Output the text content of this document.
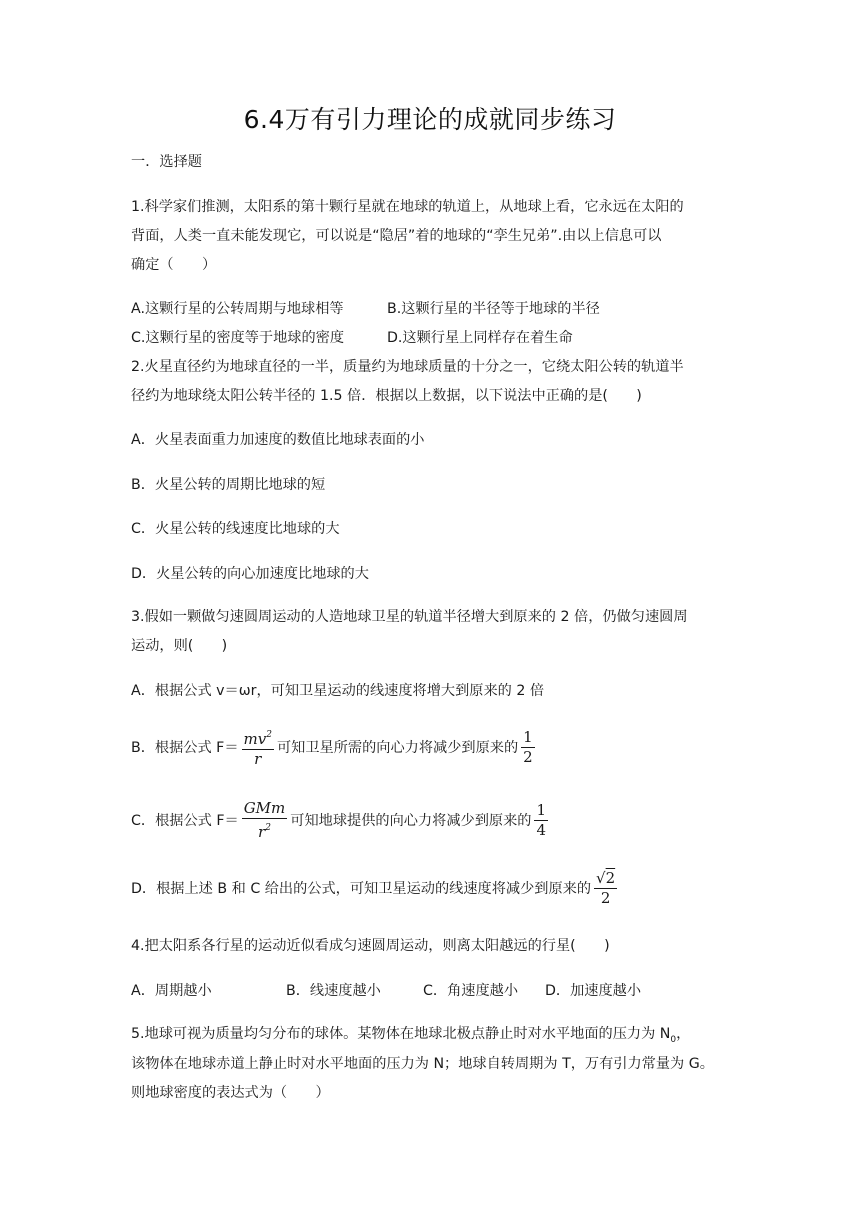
6.4万有引力理论的成就同步练习
一．选择题
1.科学家们推测，太阳系的第十颗行星就在地球的轨道上，从地球上看，它永远在太阳的
背面，人类一直未能发现它，可以说是“隐居”着的地球的“孪生兄弟”.由以上信息可以
确定（　　）
A.这颗行星的公转周期与地球相等	B.这颗行星的半径等于地球的半径
C.这颗行星的密度等于地球的密度	D.这颗行星上同样存在着生命
2.火星直径约为地球直径的一半，质量约为地球质量的十分之一，它绕太阳公转的轨道半
径约为地球绕太阳公转半径的 1.5 倍．根据以上数据，以下说法中正确的是(　　)
A．火星表面重力加速度的数值比地球表面的小
B．火星公转的周期比地球的短
C．火星公转的线速度比地球的大
D．火星公转的向心加速度比地球的大
3.假如一颗做匀速圆周运动的人造地球卫星的轨道半径增大到原来的 2 倍，仍做匀速圆周
运动，则(　　)
A．根据公式 v＝ωr，可知卫星运动的线速度将增大到原来的 2 倍
B．根据公式 $F= \frac{mv^2}{r}$ 可知卫星所需的向心力将减少到原来的 $\frac{1}{2}$
C．根据公式 $F= \frac{\text{GMm}}{r^2}$ 可知地球提供的向心力将减少到原来的 $\frac{1}{4}$
D．根据上述 B 和 C 给出的公式，可知卫星运动的线速度将减少到原来的 $\frac{√2}{2}$
4.把太阳系各行星的运动近似看成匀速圆周运动，则离太阳越远的行星(　　)
A．周期越小	B．线速度越小	C．角速度越小 D．加速度越小
5.地球可视为质量均匀分布的球体。某物体在地球北极点静止时对水平地面的压力为 $N_0$，
该物体在地球赤道上静止时对水平地面的压力为 N；地球自转周期为 T，万有引力常量为 G。
则地球密度的表达式为（　　）
